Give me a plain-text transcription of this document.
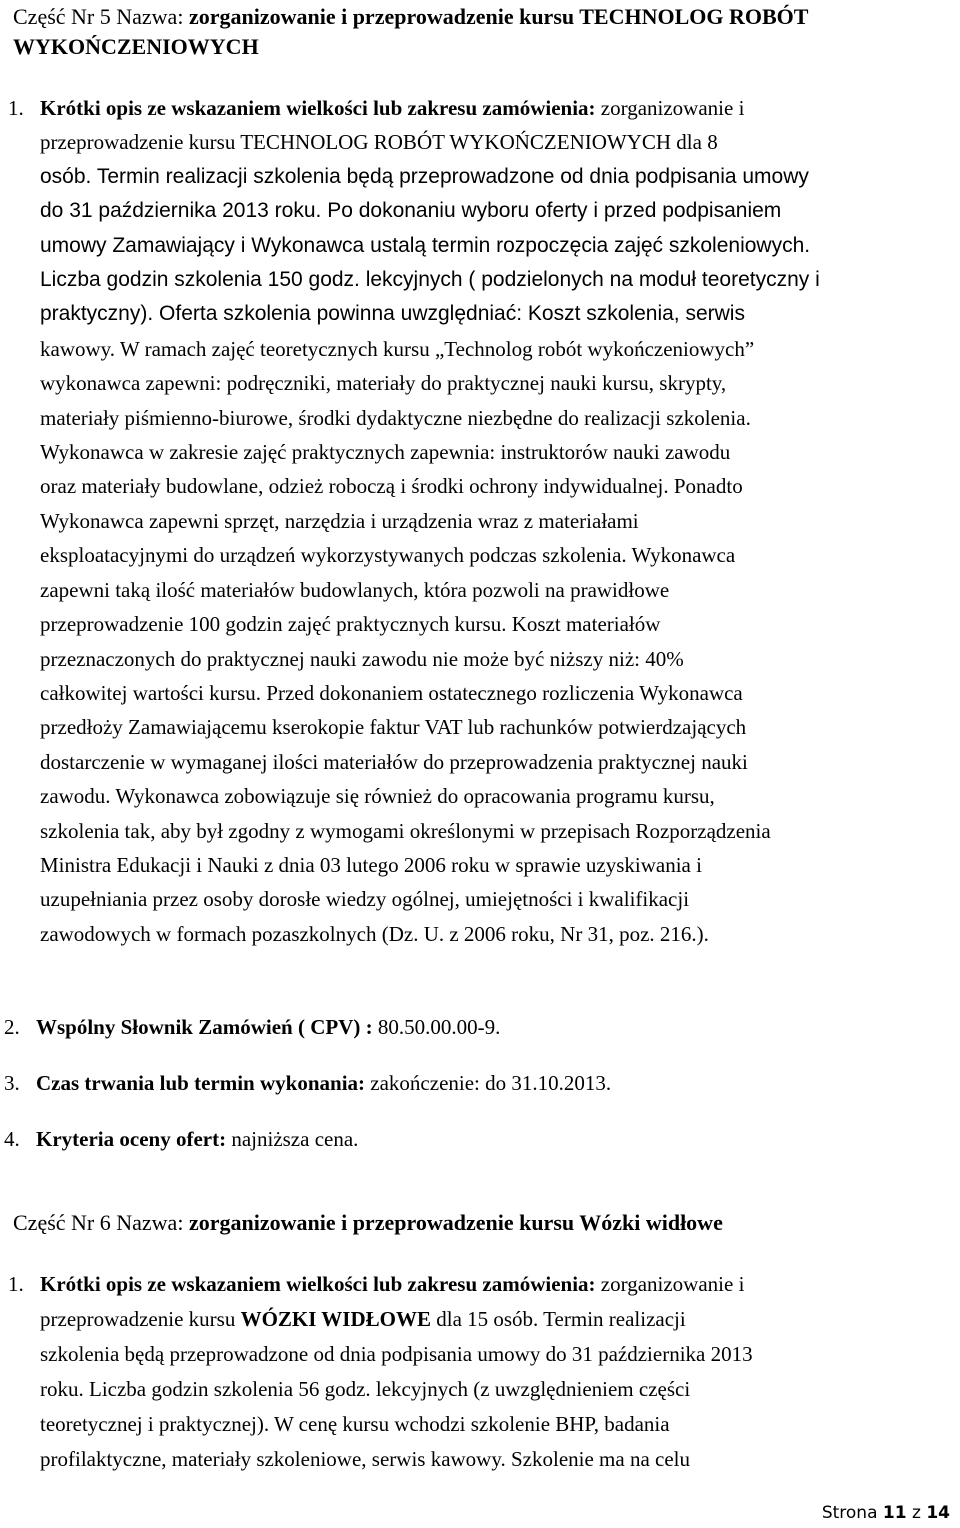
Część Nr 5 Nazwa: zorganizowanie i przeprowadzenie kursu TECHNOLOG ROBÓT
WYKOŃCZENIOWYCH
1. Krótki opis ze wskazaniem wielkości lub zakresu zamówienia: zorganizowanie i
przeprowadzenie kursu TECHNOLOG ROBÓT WYKOŃCZENIOWYCH dla 8
osób. Termin realizacji szkolenia będą przeprowadzone od dnia podpisania umowy
do 31 października 2013 roku. Po dokonaniu wyboru oferty i przed podpisaniem
umowy Zamawiający i Wykonawca ustalą termin rozpoczęcia zajęć szkoleniowych.
Liczba godzin szkolenia 150 godz. lekcyjnych ( podzielonych na moduł teoretyczny i
praktyczny). Oferta szkolenia powinna uwzględniać: Koszt szkolenia, serwis
kawowy. W ramach zajęć teoretycznych kursu „Technolog robót wykończeniowych”
wykonawca zapewni: podręczniki, materiały do praktycznej nauki kursu, skrypty,
materiały piśmienno-biurowe, środki dydaktyczne niezbędne do realizacji szkolenia.
Wykonawca w zakresie zajęć praktycznych zapewnia: instruktorów nauki zawodu
oraz materiały budowlane, odzież roboczą i środki ochrony indywidualnej. Ponadto
Wykonawca zapewni sprzęt, narzędzia i urządzenia wraz z materiałami
eksploatacyjnymi do urządzeń wykorzystywanych podczas szkolenia. Wykonawca
zapewni taką ilość materiałów budowlanych, która pozwoli na prawidłowe
przeprowadzenie 100 godzin zajęć praktycznych kursu. Koszt materiałów
przeznaczonych do praktycznej nauki zawodu nie może być niższy niż: 40%
całkowitej wartości kursu. Przed dokonaniem ostatecznego rozliczenia Wykonawca
przedłoży Zamawiającemu kserokopie faktur VAT lub rachunków potwierdzających
dostarczenie w wymaganej ilości materiałów do przeprowadzenia praktycznej nauki
zawodu. Wykonawca zobowiązuje się również do opracowania programu kursu,
szkolenia tak, aby był zgodny z wymogami określonymi w przepisach Rozporządzenia
Ministra Edukacji i Nauki z dnia 03 lutego 2006 roku w sprawie uzyskiwania i
uzupełniania przez osoby dorosłe wiedzy ogólnej, umiejętności i kwalifikacji
zawodowych w formach pozaszkolnych (Dz. U. z 2006 roku, Nr 31, poz. 216.).
2. Wspólny Słownik Zamówień ( CPV) : 80.50.00.00-9.
3. Czas trwania lub termin wykonania: zakończenie: do 31.10.2013.
4. Kryteria oceny ofert: najniższa cena.
Część Nr 6 Nazwa: zorganizowanie i przeprowadzenie kursu Wózki widłowe
1. Krótki opis ze wskazaniem wielkości lub zakresu zamówienia: zorganizowanie i
przeprowadzenie kursu WÓZKI WIDŁOWE dla 15 osób. Termin realizacji
szkolenia będą przeprowadzone od dnia podpisania umowy do 31 października 2013
roku. Liczba godzin szkolenia 56 godz. lekcyjnych (z uwzględnieniem części
teoretycznej i praktycznej). W cenę kursu wchodzi szkolenie BHP, badania
profilaktyczne, materiały szkoleniowe, serwis kawowy. Szkolenie ma na celu
Strona 11 z 14
